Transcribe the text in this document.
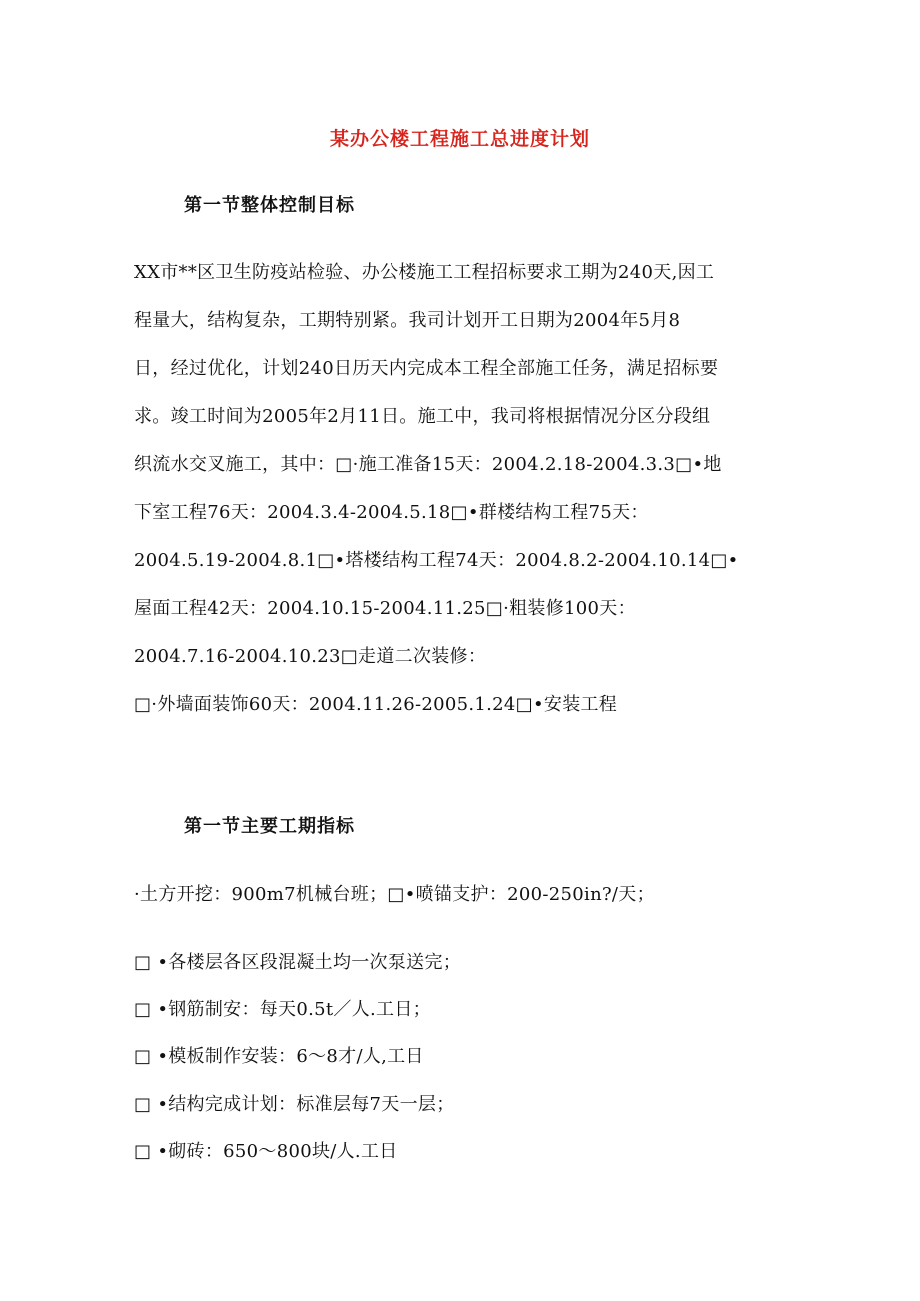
某办公楼工程施工总进度计划
第一节整体控制目标
XX市**区卫生防疫站检验、办公楼施工工程招标要求工期为240天,因工
程量大，结构复杂，工期特别紧。我司计划开工日期为2004年5月8
日，经过优化，计划240日历天内完成本工程全部施工任务，满足招标要
求。竣工时间为2005年2月11日。施工中，我司将根据情况分区分段组
织流水交叉施工，其中：□·施工准备15天：2004.2.18-2004.3.3□•地
下室工程76天：2004.3.4-2004.5.18□•群楼结构工程75天：
2004.5.19-2004.8.1□•塔楼结构工程74天：2004.8.2-2004.10.14□•
屋面工程42天：2004.10.15-2004.11.25□·粗装修100天：
2004.7.16-2004.10.23□走道二次装修：
□·外墙面装饰60天：2004.11.26-2005.1.24□•安装工程
第一节主要工期指标
·土方开挖：900m7机械台班；□•喷锚支护：200-250in?/天；
□ •各楼层各区段混凝土均一次泵送完；
□ •钢筋制安：每天0.5t／人.工日；
□ •模板制作安装：6～8才/人,工日
□ •结构完成计划：标准层每7天一层；
□ •砌砖：650～800块/人.工日
